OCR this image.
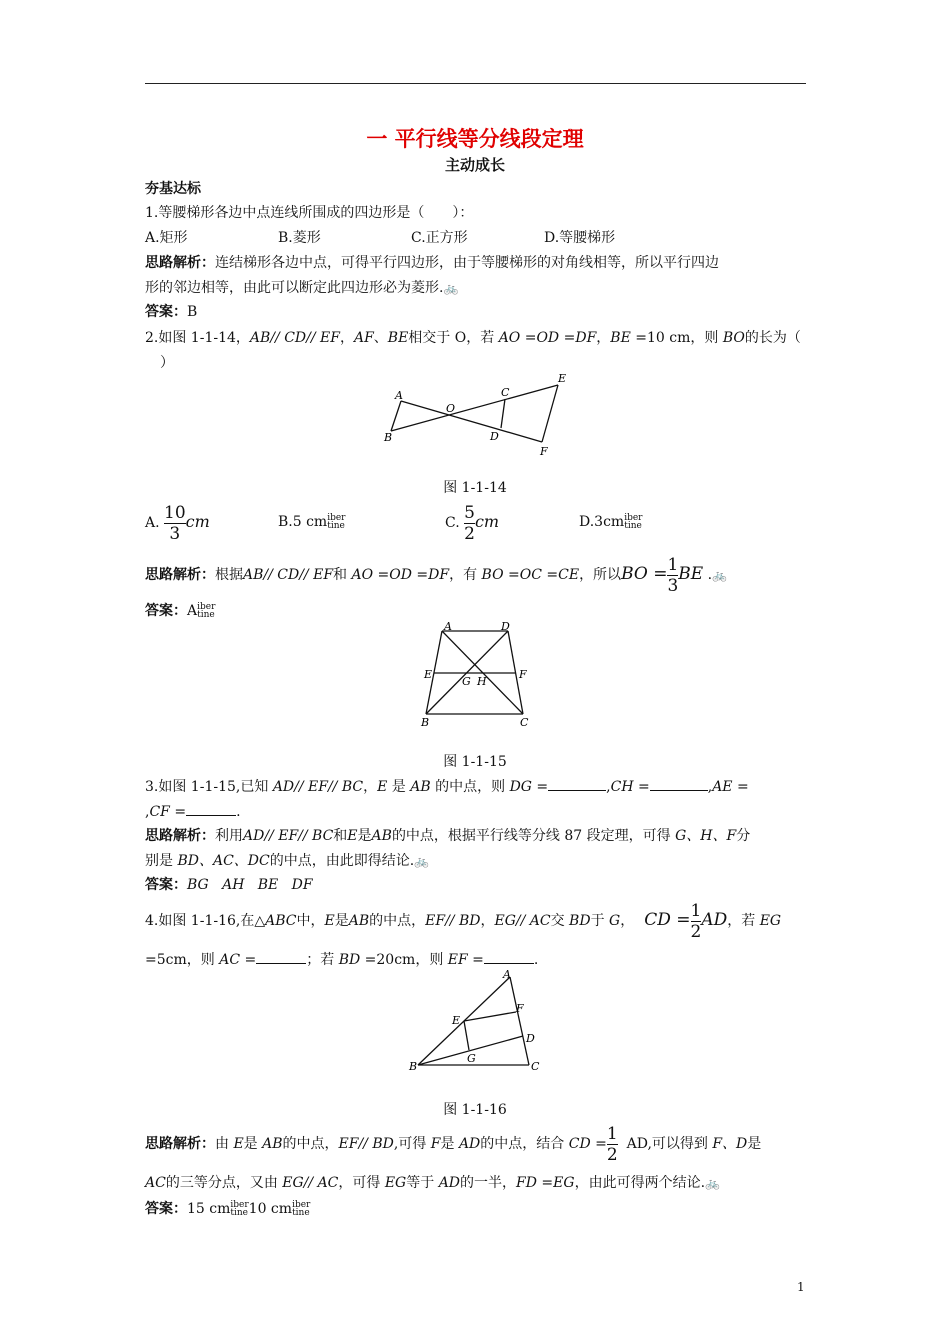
一 平行线等分线段定理
主动成长
夯基达标
1.等腰梯形各边中点连线所围成的四边形是（　　）：
A.矩形	B.菱形	C.正方形	D.等腰梯形
思路解析：连结梯形各边中点，可得平行四边形，由于等腰梯形的对角线相等，所以平行四边
形的邻边相等，由此可以断定此四边形必为菱形.🚲
答案：B
2.如图 1-1-14，AB// CD// EF，AF、BE相交于 O，若 AO =OD =DF，BE =10 cm，则 BO的长为（
）
A
B
O
C
D
E
F
图 1-1-14
A. $\frac{10}{3}$ cm	B.5 cm iber
tine	C. $\frac{5}{2}$ cm	D.3cm iber
tine
思路解析：根据AB// CD// EF和 AO =OD =DF，有 BO =OC =CE，所以BO = $\frac{1}{3}$ BE .🚲
答案：A iber
tine
A	D
E	F
G H
B	C
图 1-1-15
3.如图 1-1-15,已知 AD// EF// BC，E 是 AB 的中点，则 DG =	,CH =	,AE =
,CF =	.
思路解析：利用AD// EF// BC和E是AB的中点，根据平行线等分线 87 段定理，可得 G、H、F分
别是 BD、AC、DC的中点，由此即得结论.🚲
答案：BG   AH   BE   DF
4.如图 1-1-16,在△ABC中，E是AB的中点，EF// BD，EG// AC交 BD于 G， CD = $\frac{1}{2}$ AD，若 EG
=5cm，则 AC =	；若 BD =20cm，则 EF =	.
A
F
E
D
G
B	C
图 1-1-16
思路解析：由 E是 AB的中点，EF// BD,可得 F是 AD的中点，结合 CD = $\frac{1}{2}$ AD,可以得到 F、D是
AC的三等分点，又由 EG// AC，可得 EG等于 AD的一半，FD =EG，由此可得两个结论.🚲
答案：15 cm iber
tine 10 cm iber
tine
1
